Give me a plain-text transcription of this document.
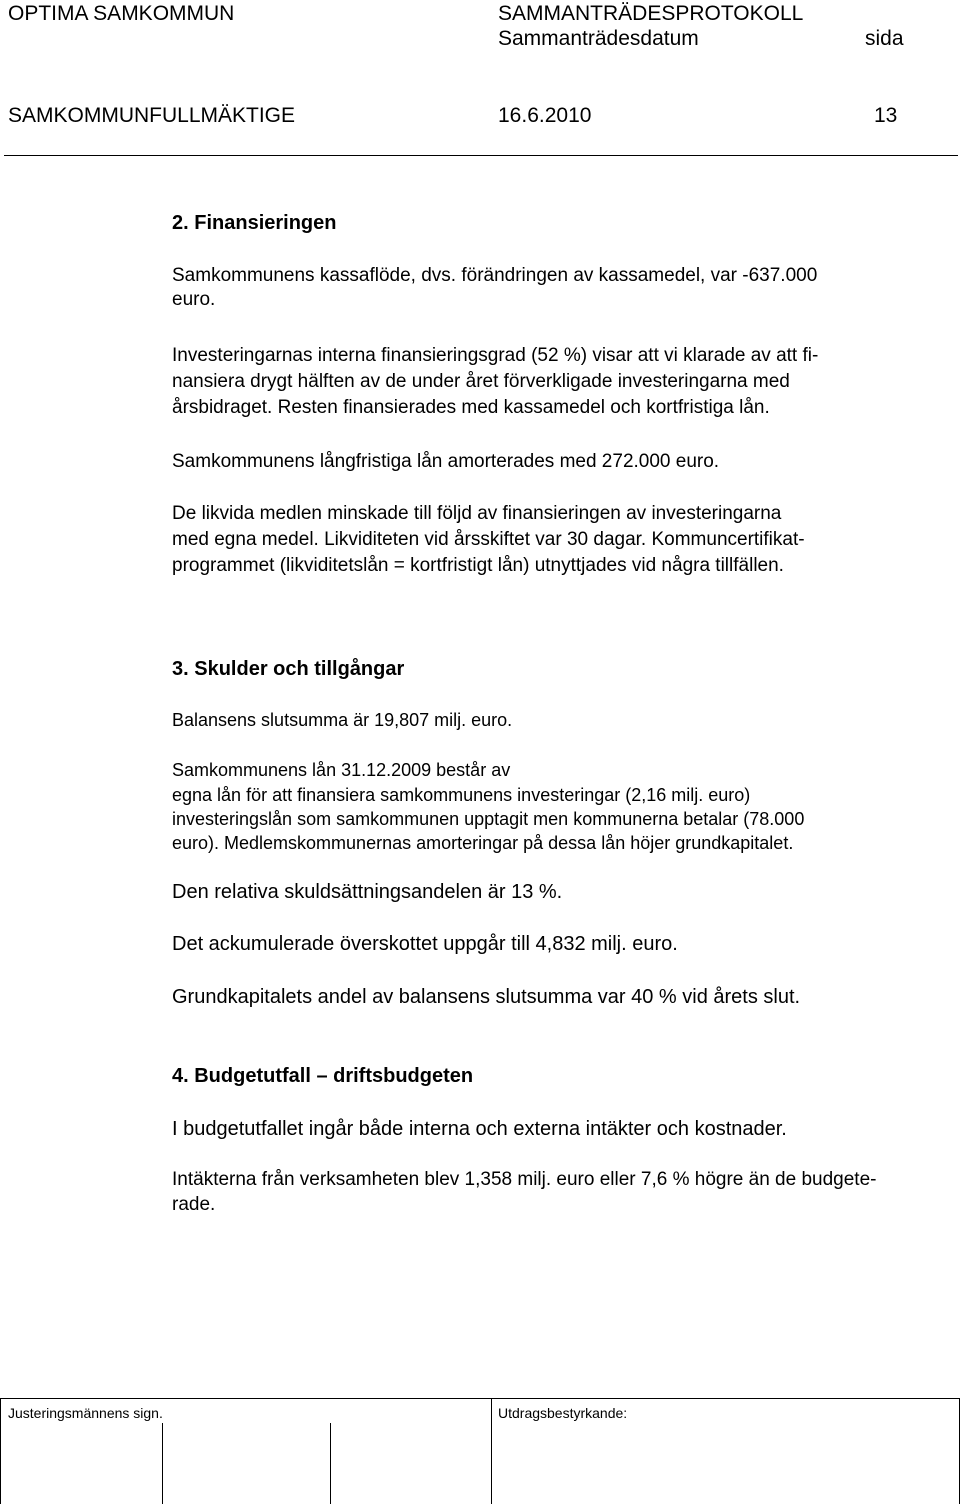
OPTIMA SAMKOMMUN	SAMMANTRÄDESPROTOKOLL
Sammanträdesdatum	sida
SAMKOMMUNFULLMÄKTIGE	16.6.2010	13
2. Finansieringen
Samkommunens kassaflöde, dvs. förändringen av kassamedel, var -637.000
euro.
Investeringarnas interna finansieringsgrad (52 %) visar att vi klarade av att fi-
nansiera drygt hälften av de under året förverkligade investeringarna med
årsbidraget. Resten finansierades med kassamedel och kortfristiga lån.
Samkommunens långfristiga lån amorterades med 272.000 euro.
De likvida medlen minskade till följd av finansieringen av investeringarna
med egna medel. Likviditeten vid årsskiftet var 30 dagar. Kommuncertifikat-
programmet (likviditetslån = kortfristigt lån) utnyttjades vid några tillfällen.
3. Skulder och tillgångar
Balansens slutsumma är 19,807 milj. euro.
Samkommunens lån 31.12.2009 består av
egna lån för att finansiera samkommunens investeringar (2,16 milj. euro)
investeringslån som samkommunen upptagit men kommunerna betalar (78.000
euro). Medlemskommunernas amorteringar på dessa lån höjer grundkapitalet.
Den relativa skuldsättningsandelen är 13 %.
Det ackumulerade överskottet uppgår till 4,832 milj. euro.
Grundkapitalets andel av balansens slutsumma var 40 % vid årets slut.
4. Budgetutfall – driftsbudgeten
I budgetutfallet ingår både interna och externa intäkter och kostnader.
Intäkterna från verksamheten blev 1,358 milj. euro eller 7,6 % högre än de budgete-
rade.
Justeringsmännens sign.	Utdragsbestyrkande:
